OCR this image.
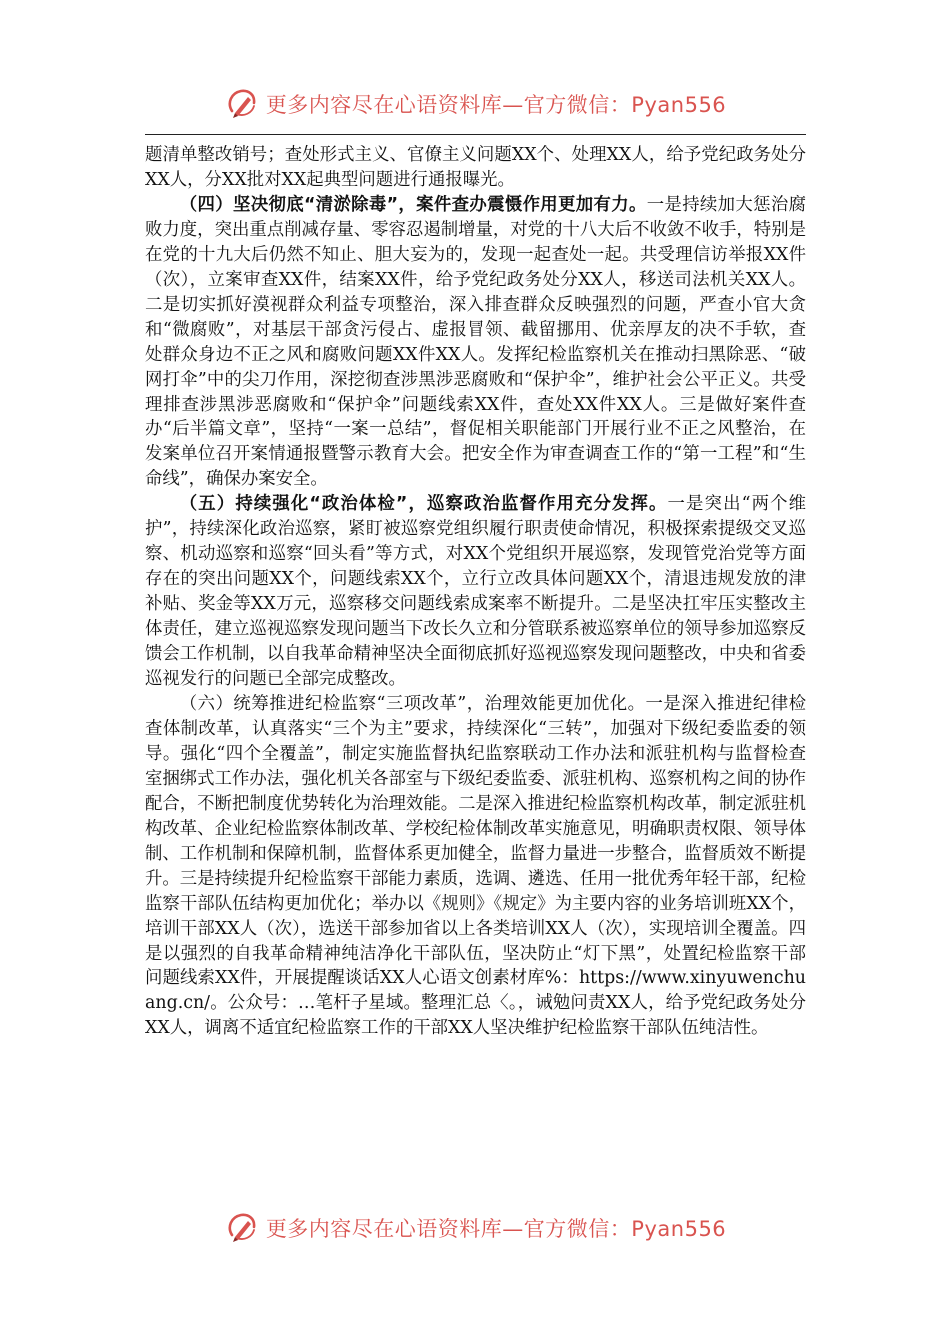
更多内容尽在心语资料库—官方微信：Pyan556

题清单整改销号；查处形式主义、官僚主义问题XX个、处理XX人，给予党纪政务处分XX人，分XX批对XX起典型问题进行通报曝光。

（四）坚决彻底“清淤除毒”，案件查办震慑作用更加有力。一是持续加大惩治腐败力度，突出重点削减存量、零容忍遏制增量，对党的十八大后不收敛不收手，特别是在党的十九大后仍然不知止、胆大妄为的，发现一起查处一起。共受理信访举报XX件（次），立案审查XX件，结案XX件，给予党纪政务处分XX人，移送司法机关XX人。二是切实抓好漠视群众利益专项整治，深入排查群众反映强烈的问题，严查小官大贪和“微腐败”，对基层干部贪污侵占、虚报冒领、截留挪用、优亲厚友的决不手软，查处群众身边不正之风和腐败问题XX件XX人。发挥纪检监察机关在推动扫黑除恶、“破网打伞”中的尖刀作用，深挖彻查涉黑涉恶腐败和“保护伞”，维护社会公平正义。共受理排查涉黑涉恶腐败和“保护伞”问题线索XX件，查处XX件XX人。三是做好案件查办“后半篇文章”，坚持“一案一总结”，督促相关职能部门开展行业不正之风整治，在发案单位召开案情通报暨警示教育大会。把安全作为审查调查工作的“第一工程”和“生命线”，确保办案安全。

（五）持续强化“政治体检”，巡察政治监督作用充分发挥。一是突出“两个维护”，持续深化政治巡察，紧盯被巡察党组织履行职责使命情况，积极探索提级交叉巡察、机动巡察和巡察“回头看”等方式，对XX个党组织开展巡察，发现管党治党等方面存在的突出问题XX个，问题线索XX个，立行立改具体问题XX个，清退违规发放的津补贴、奖金等XX万元，巡察移交问题线索成案率不断提升。二是坚决扛牢压实整改主体责任，建立巡视巡察发现问题当下改长久立和分管联系被巡察单位的领导参加巡察反馈会工作机制，以自我革命精神坚决全面彻底抓好巡视巡察发现问题整改，中央和省委巡视发行的问题已全部完成整改。

（六）统筹推进纪检监察“三项改革”，治理效能更加优化。一是深入推进纪律检查体制改革，认真落实“三个为主”要求，持续深化“三转”，加强对下级纪委监委的领导。强化“四个全覆盖”，制定实施监督执纪监察联动工作办法和派驻机构与监督检查室捆绑式工作办法，强化机关各部室与下级纪委监委、派驻机构、巡察机构之间的协作配合，不断把制度优势转化为治理效能。二是深入推进纪检监察机构改革，制定派驻机构改革、企业纪检监察体制改革、学校纪检体制改革实施意见，明确职责权限、领导体制、工作机制和保障机制，监督体系更加健全，监督力量进一步整合，监督质效不断提升。三是持续提升纪检监察干部能力素质，选调、遴选、任用一批优秀年轻干部，纪检监察干部队伍结构更加优化；举办以《规则》《规定》为主要内容的业务培训班XX个，培训干部XX人（次），选送干部参加省以上各类培训XX人（次），实现培训全覆盖。四是以强烈的自我革命精神纯洁净化干部队伍，坚决防止“灯下黑”，处置纪检监察干部问题线索XX件，开展提醒谈话XX人心语文创素材库%：https://www.xinyuwenchuang.cn/。公众号：…笔杆子星域。整理汇总〈。，诫勉问责XX人，给予党纪政务处分XX人，调离不适宜纪检监察工作的干部XX人坚决维护纪检监察干部队伍纯洁性。

更多内容尽在心语资料库—官方微信：Pyan556
